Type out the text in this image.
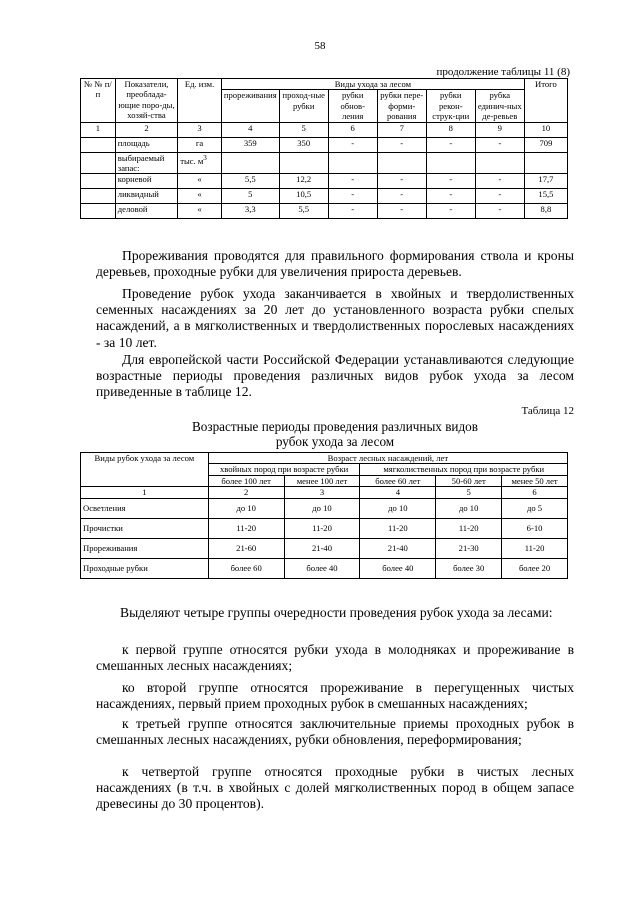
58
продолжение таблицы 11 (8)
№ № п/п	Показатели, преоблада-ющие поро-ды, хозяй-ства	Ед. изм.	Виды ухода за лесом						Итого
			прореживания	проход-ные рубки	рубки обнов-ления	рубки пере-форми-рования	рубки рекон-струк-ции	рубка единич-ных де-ревьев	
1	2	3	4	5	6	7	8	9	10
	площадь	га	359	350	-	-	-	-	709
	выбираемый запас:	тыс. $м^3$							
	корневой	«	5,5	12,2	-	-	-	-	17,7
	ликвидный	«	5	10,5	-	-	-	-	15,5
	деловой	«	3,3	5,5	-	-	-	-	8,8

Прореживания проводятся для правильного формирования ствола и кроны деревьев, проходные рубки для увеличения прироста деревьев.

Проведение рубок ухода заканчивается в хвойных и твердолиственных семенных насаждениях за 20 лет до установленного возраста рубки спелых насаждений, а в мягколиственных и твердолиственных порослевых насаждениях - за 10 лет.

Для европейской части Российской Федерации устанавливаются следующие возрастные периоды проведения различных видов рубок ухода за лесом приведенные в таблице 12.

Таблица 12
Возрастные периоды проведения различных видов
рубок ухода за лесом
Виды рубок ухода за лесом	Возраст лесных насаждений, лет				
	хвойных пород при возрасте рубки		мягколиственных пород при возрасте рубки		
	более 100 лет	менее 100 лет	более 60 лет	50-60 лет	менее 50 лет
1	2	3	4	5	6
Осветления	до 10	до 10	до 10	до 10	до 5
Прочистки	11-20	11-20	11-20	11-20	6-10
Прореживания	21-60	21-40	21-40	21-30	11-20
Проходные рубки	более 60	более 40	более 40	более 30	более 20

Выделяют четыре группы очередности проведения рубок ухода за лесами:

к первой группе относятся рубки ухода в молодняках и прореживание в смешанных лесных насаждениях;

ко второй группе относятся прореживание в перегущенных чистых насаждениях, первый прием проходных рубок в смешанных насаждениях;

к третьей группе относятся заключительные приемы проходных рубок в смешанных лесных насаждениях, рубки обновления, переформирования;

к четвертой группе относятся проходные рубки в чистых лесных насаждениях (в т.ч. в хвойных с долей мягколиственных пород в общем запасе древесины до 30 процентов).
